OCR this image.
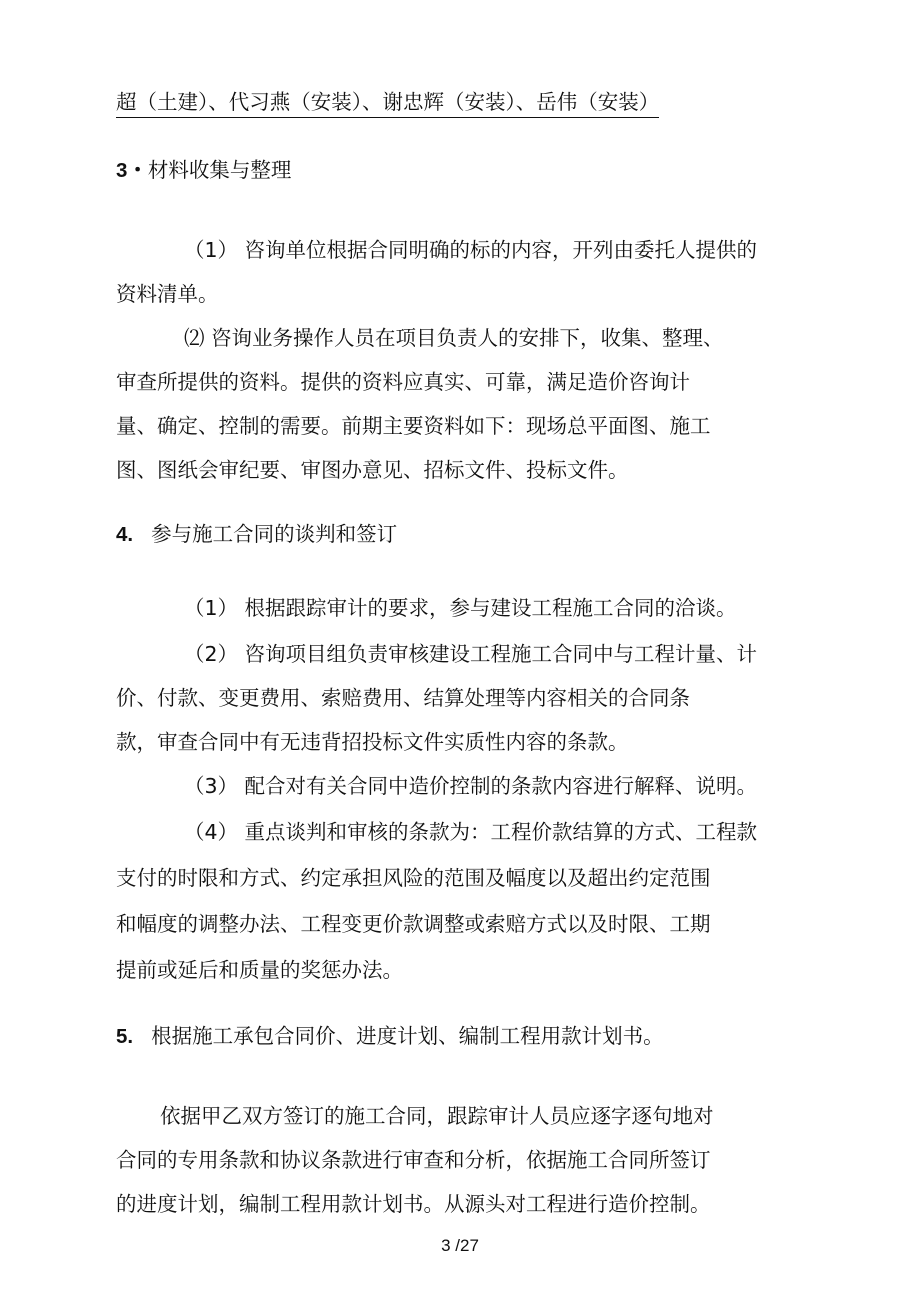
超（土建）、代习燕（安装）、谢忠辉（安装）、岳伟（安装）

3・材料收集与整理

（1） 咨询单位根据合同明确的标的内容，开列由委托人提供的

资料清单。

⑵ 咨询业务操作人员在项目负责人的安排下，收集、整理、

审查所提供的资料。提供的资料应真实、可靠，满足造价咨询计

量、确定、控制的需要。前期主要资料如下：现场总平面图、施工

图、图纸会审纪要、审图办意见、招标文件、投标文件。

4. 参与施工合同的谈判和签订

（1） 根据跟踪审计的要求，参与建设工程施工合同的洽谈。

（2） 咨询项目组负责审核建设工程施工合同中与工程计量、计

价、付款、变更费用、索赔费用、结算处理等内容相关的合同条

款，审查合同中有无违背招投标文件实质性内容的条款。

（3） 配合对有关合同中造价控制的条款内容进行解释、说明。

（4） 重点谈判和审核的条款为：工程价款结算的方式、工程款

支付的时限和方式、约定承担风险的范围及幅度以及超出约定范围

和幅度的调整办法、工程变更价款调整或索赔方式以及时限、工期

提前或延后和质量的奖惩办法。

5. 根据施工承包合同价、进度计划、编制工程用款计划书。

依据甲乙双方签订的施工合同，跟踪审计人员应逐字逐句地对

合同的专用条款和协议条款进行审查和分析，依据施工合同所签订

的进度计划，编制工程用款计划书。从源头对工程进行造价控制。

3 /27
